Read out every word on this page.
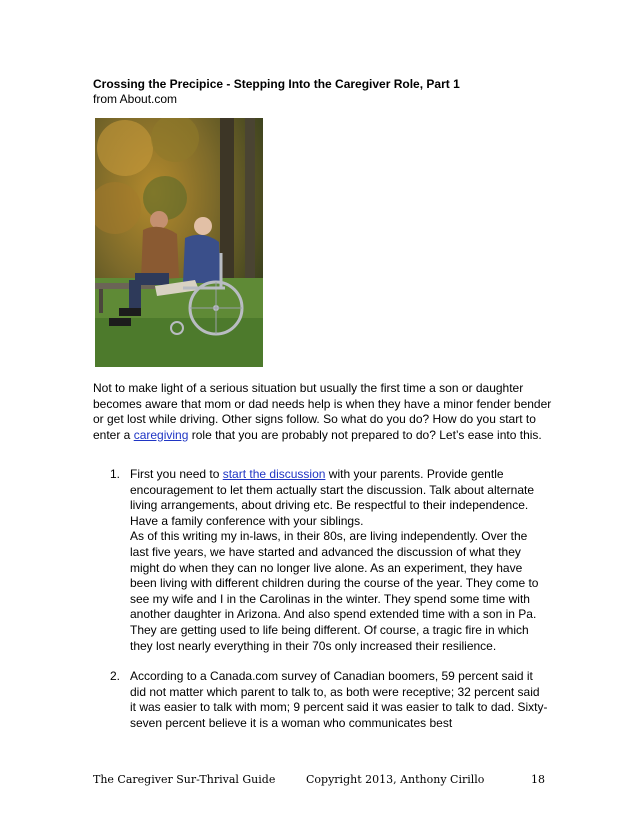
Crossing the Precipice - Stepping Into the Caregiver Role, Part 1
from About.com

Not to make light of a serious situation but usually the first time a son or daughter becomes aware that mom or dad needs help is when they have a minor fender bender or get lost while driving. Other signs follow. So what do you do? How do you start to enter a caregiving role that you are probably not prepared to do? Let’s ease into this.

1. First you need to start the discussion with your parents. Provide gentle encouragement to let them actually start the discussion. Talk about alternate living arrangements, about driving etc. Be respectful to their independence. Have a family conference with your siblings.

As of this writing my in-laws, in their 80s, are living independently. Over the last five years, we have started and advanced the discussion of what they might do when they can no longer live alone. As an experiment, they have been living with different children during the course of the year. They come to see my wife and I in the Carolinas in the winter. They spend some time with another daughter in Arizona. And also spend extended time with a son in Pa. They are getting used to life being different. Of course, a tragic fire in which they lost nearly everything in their 70s only increased their resilience.

2. According to a Canada.com survey of Canadian boomers, 59 percent said it did not matter which parent to talk to, as both were receptive; 32 percent said it was easier to talk with mom; 9 percent said it was easier to talk to dad. Sixty-seven percent believe it is a woman who communicates best

The Caregiver Sur-Thrival Guide	Copyright 2013, Anthony Cirillo	18
